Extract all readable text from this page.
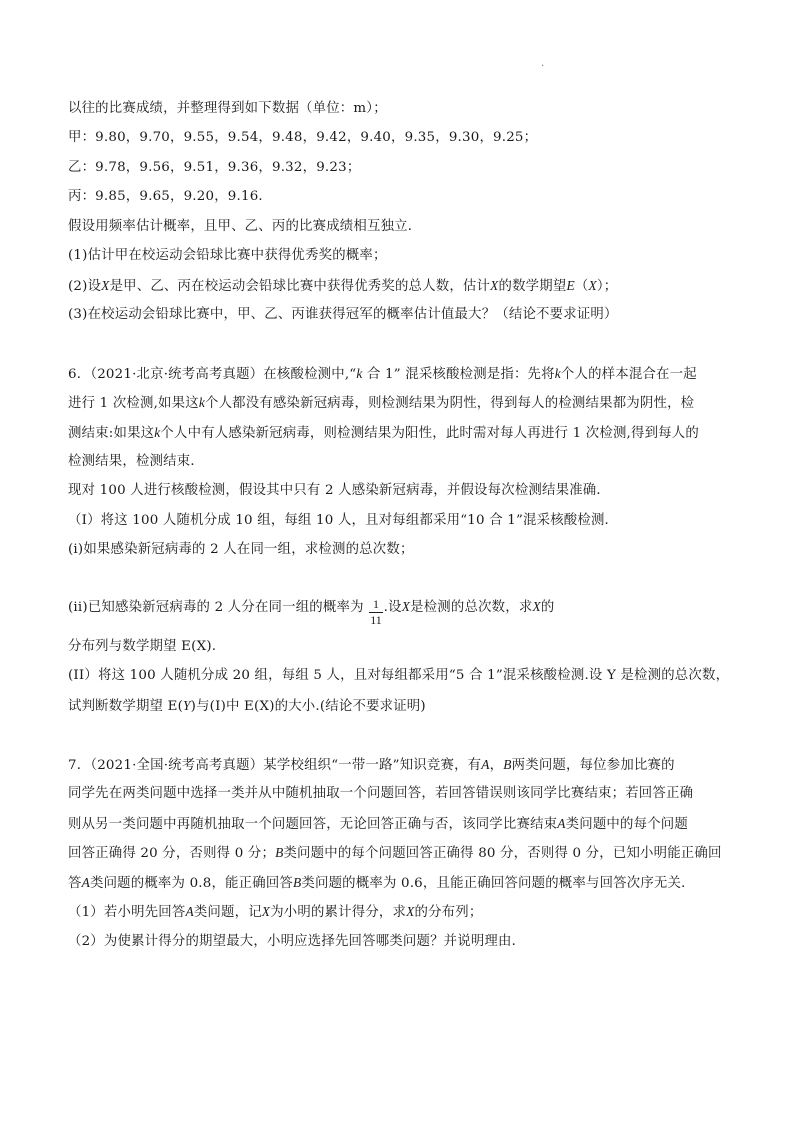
.
以往的比赛成绩，并整理得到如下数据（单位：m）；
甲：9.80，9.70，9.55，9.54，9.48，9.42，9.40，9.35，9.30，9.25；
乙：9.78，9.56，9.51，9.36，9.32，9.23；
丙：9.85，9.65，9.20，9.16．
假设用频率估计概率，且甲、乙、丙的比赛成绩相互独立．
(1)估计甲在校运动会铅球比赛中获得优秀奖的概率；
(2)设X是甲、乙、丙在校运动会铅球比赛中获得优秀奖的总人数，估计X的数学期望E（X）；
(3)在校运动会铅球比赛中，甲、乙、丙谁获得冠军的概率估计值最大？（结论不要求证明）
6．（2021·北京·统考高考真题）在核酸检测中,“k 合 1” 混采核酸检测是指：先将k个人的样本混合在一起
进行 1 次检测,如果这k个人都没有感染新冠病毒，则检测结果为阴性，得到每人的检测结果都为阴性，检
测结束:如果这k个人中有人感染新冠病毒，则检测结果为阳性，此时需对每人再进行 1 次检测,得到每人的
检测结果，检测结束．
现对 100 人进行核酸检测，假设其中只有 2 人感染新冠病毒，并假设每次检测结果准确．
（I）将这 100 人随机分成 10 组，每组 10 人，且对每组都采用“10 合 1”混采核酸检测．
(i)如果感染新冠病毒的 2 人在同一组，求检测的总次数；
(ii)已知感染新冠病毒的 2 人分在同一组的概率为 .设X是检测的总次数，求X的
1
11
分布列与数学期望 E(X).
(II）将这 100 人随机分成 20 组，每组 5 人，且对每组都采用“5 合 1”混采核酸检测.设 Y 是检测的总次数，
试判断数学期望 E(Y)与(I)中 E(X)的大小.(结论不要求证明)
7．（2021·全国·统考高考真题）某学校组织“一带一路”知识竞赛，有A，B两类问题，每位参加比赛的
同学先在两类问题中选择一类并从中随机抽取一个问题回答，若回答错误则该同学比赛结束；若回答正确
则从另一类问题中再随机抽取一个问题回答，无论回答正确与否，该同学比赛结束A类问题中的每个问题
回答正确得 20 分，否则得 0 分；B类问题中的每个问题回答正确得 80 分，否则得 0 分，已知小明能正确回
答A类问题的概率为 0.8，能正确回答B类问题的概率为 0.6，且能正确回答问题的概率与回答次序无关．
（1）若小明先回答A类问题，记X为小明的累计得分，求X的分布列；
（2）为使累计得分的期望最大，小明应选择先回答哪类问题？并说明理由．
